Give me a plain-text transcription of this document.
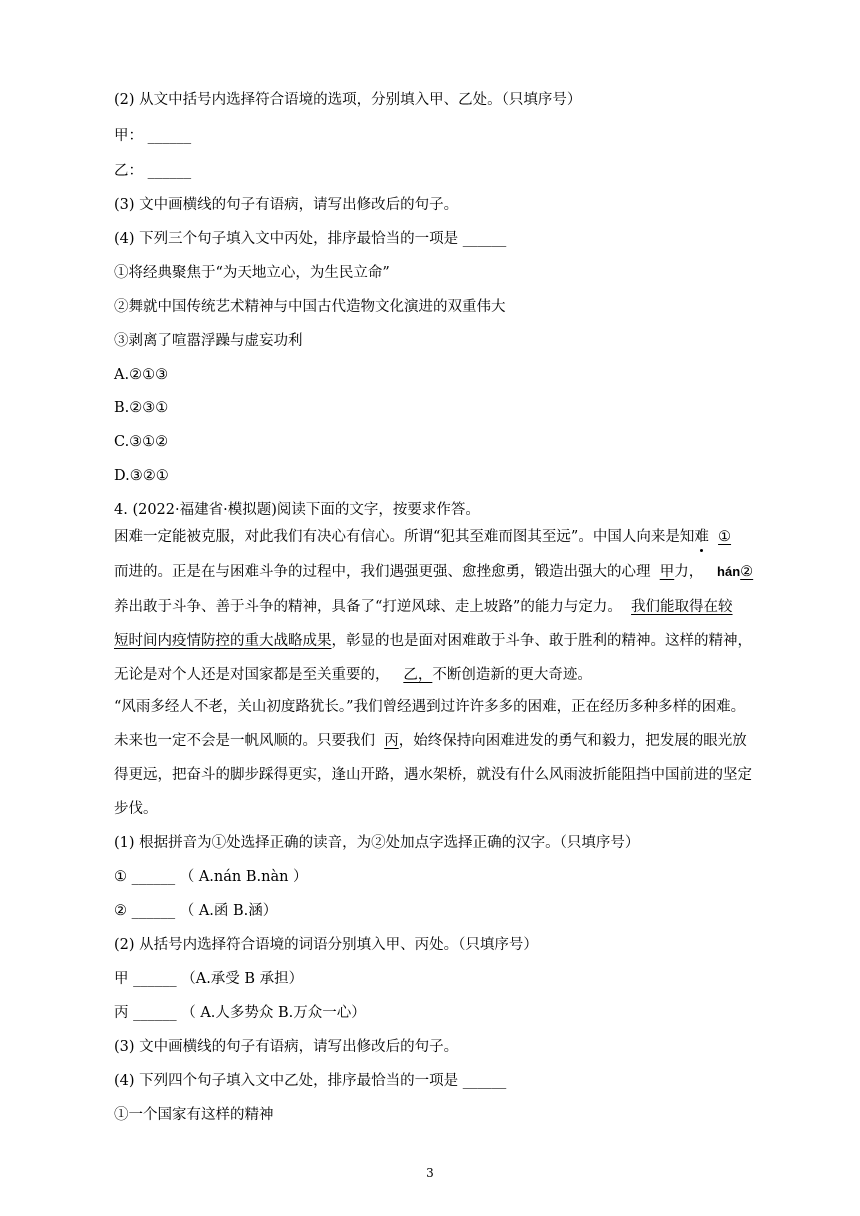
(2) 从文中括号内选择符合语境的选项，分别填入甲、乙处。（只填序号）
甲： ______
乙： ______
(3) 文中画横线的句子有语病，请写出修改后的句子。
(4) 下列三个句子填入文中丙处，排序最恰当的一项是 ______
①将经典聚焦于“为天地立心，为生民立命”
②舞就中国传统艺术精神与中国古代造物文化演进的双重伟大
③剥离了喧嚣浮躁与虚妄功利
A.②①③
B.②③①
C.③①②
D.③②①
4. (2022·福建省·模拟题)阅读下面的文字，按要求作答。
困难一定能被克服，对此我们有决心有信心。所谓“犯其至难而图其至远”。中国人向来是知难 ①
而进的。正是在与困难斗争的过程中，我们遇强更强、愈挫愈勇，锻造出强大的心理 甲力， hán②
养出敢于斗争、善于斗争的精神，具备了“打逆风球、走上坡路”的能力与定力。 我们能取得在较
短时间内疫情防控的重大战略成果，彰显的也是面对困难敢于斗争、敢于胜利的精神。这样的精神，
无论是对个人还是对国家都是至关重要的， 乙，不断创造新的更大奇迹。
“风雨多经人不老，关山初度路犹长。”我们曾经遇到过许许多多的困难，正在经历多种多样的困难。
未来也一定不会是一帆风顺的。只要我们 丙，始终保持向困难进发的勇气和毅力，把发展的眼光放
得更远，把奋斗的脚步踩得更实，逢山开路，遇水架桥，就没有什么风雨波折能阻挡中国前进的坚定
步伐。
(1) 根据拼音为①处选择正确的读音，为②处加点字选择正确的汉字。（只填序号）
① ______ （ A.nán B.nàn ）
② ______ （ A.函 B.涵）
(2) 从括号内选择符合语境的词语分别填入甲、丙处。（只填序号）
甲 ______ （A.承受 B 承担）
丙 ______ （ A.人多势众 B.万众一心）
(3) 文中画横线的句子有语病，请写出修改后的句子。
(4) 下列四个句子填入文中乙处，排序最恰当的一项是 ______
①一个国家有这样的精神
3
